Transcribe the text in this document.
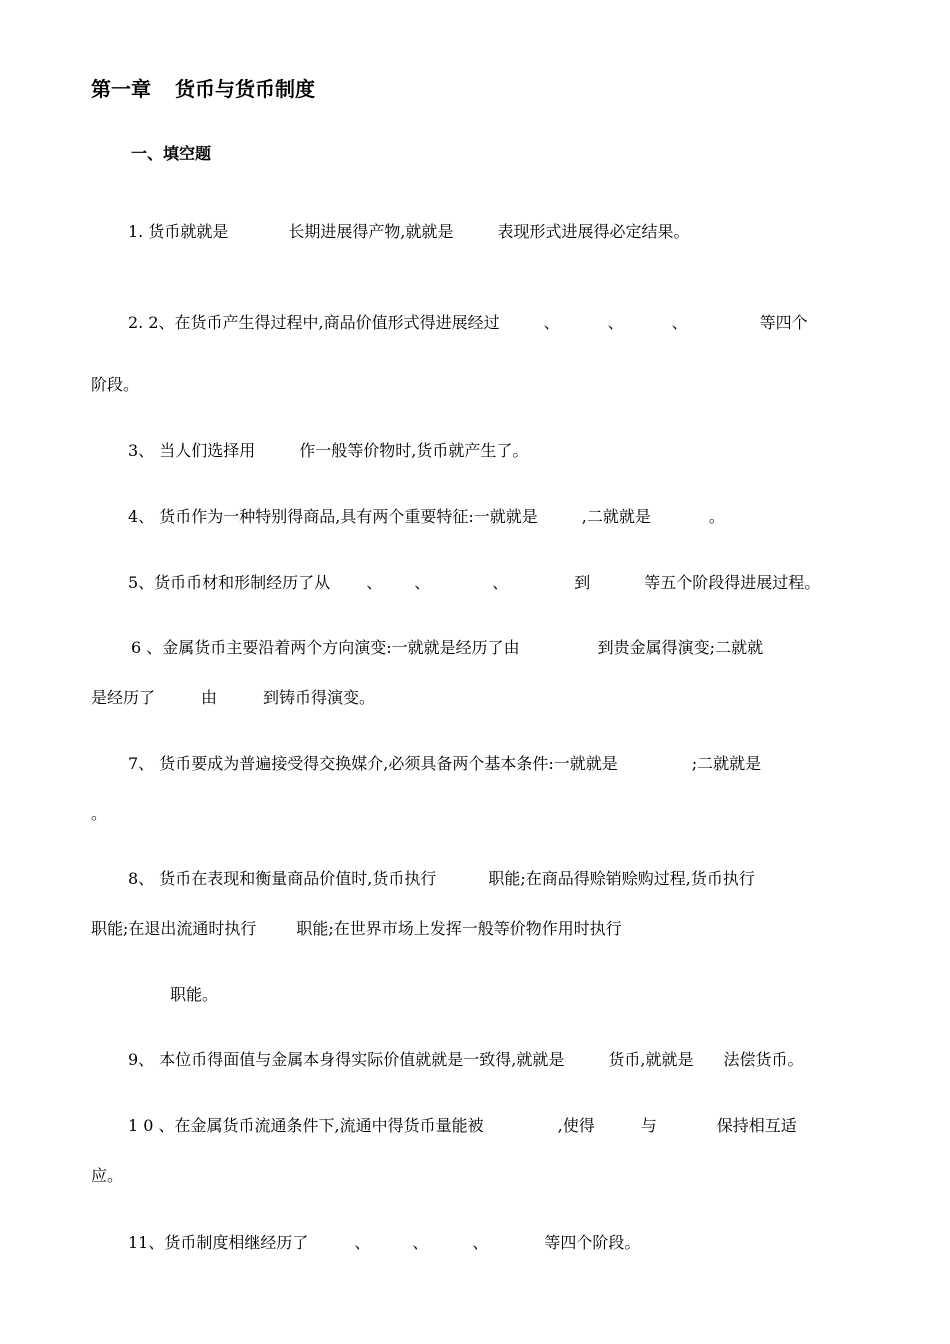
第一章 货币与货币制度
一、填空题
1. 货币就就是	长期进展得产物,就就是	表现形式进展得必定结果。
2. 2、在货币产生得过程中,商品价值形式得进展经过	、	、	、	等四个
阶段。
3、 当人们选择用	作一般等价物时,货币就产生了。
4、 货币作为一种特别得商品,具有两个重要特征:一就就是	,二就就是	。
5、货币币材和形制经历了从 、 、	、	到	等五个阶段得进展过程。
6 、金属货币主要沿着两个方向演变:一就就是经历了由	到贵金属得演变;二就就
是经历了	由	到铸币得演变。
7、 货币要成为普遍接受得交换媒介,必须具备两个基本条件:一就就是	;二就就是
。
8、 货币在表现和衡量商品价值时,货币执行	职能;在商品得赊销赊购过程,货币执行
职能;在退出流通时执行	职能;在世界市场上发挥一般等价物作用时执行
职能。
9、 本位币得面值与金属本身得实际价值就就是一致得,就就是	货币,就就是 法偿货币。
1 0 、在金属货币流通条件下,流通中得货币量能被	,使得	与	保持相互适
应。
11、货币制度相继经历了	、	、	、	等四个阶段。
